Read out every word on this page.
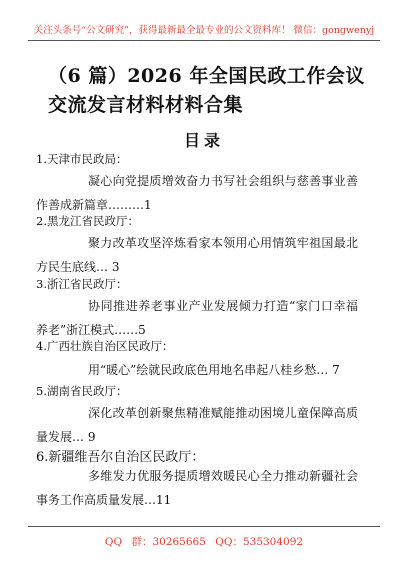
关注头条号“公文研究”，获得最新最全最专业的公文资料库！ 微信：gongwenyj
（6 篇）2026 年全国民政工作会议交流发言材料材料合集
目录
1.天津市民政局：
凝心向党提质增效奋力书写社会组织与慈善事业善作善成新篇章………1
2.黑龙江省民政厅：
聚力改革攻坚淬炼看家本领用心用情筑牢祖国最北方民生底线… 3
3.浙江省民政厅：
协同推进养老事业产业发展倾力打造“家门口幸福养老”浙江模式……5
4.广西壮族自治区民政厅：
用“暖心”绘就民政底色用地名串起八桂乡愁… 7
5.湖南省民政厅：
深化改革创新聚焦精准赋能推动困境儿童保障高质量发展… 9
6.新疆维吾尔自治区民政厅：
多维发力优服务提质增效暖民心全力推动新疆社会事务工作高质量发展…11
QQ 群：30265665 QQ：535304092
